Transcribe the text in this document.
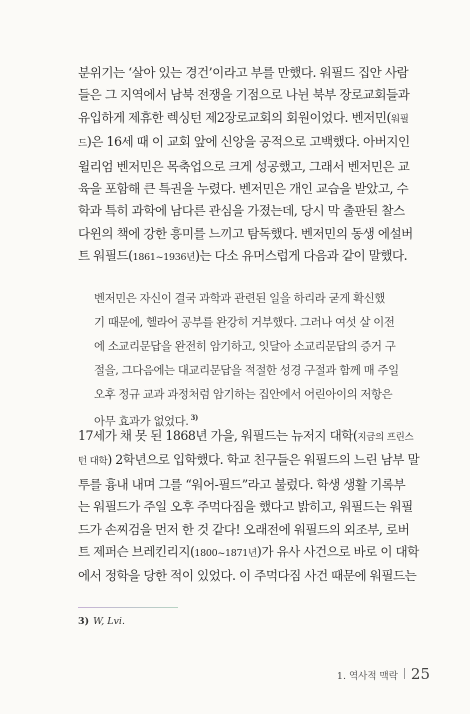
분위기는 ‘살아 있는 경건’이라고 부를 만했다. 워필드 집안 사람
들은 그 지역에서 남북 전쟁을 기점으로 나뉜 북부 장로교회들과
유입하게 제휴한 렉싱턴 제2장로교회의 회원이었다. 벤저민(워필
드)은 16세 때 이 교회 앞에 신앙을 공적으로 고백했다. 아버지인
윌리엄 벤저민은 목축업으로 크게 성공했고, 그래서 벤저민은 교
육을 포함해 큰 특권을 누렸다. 벤저민은 개인 교습을 받았고, 수
학과 특히 과학에 남다른 관심을 가졌는데, 당시 막 출판된 찰스
다윈의 책에 강한 흥미를 느끼고 탐독했다. 벤저민의 동생 에설버
트 워필드(1861~1936년)는 다소 유머스럽게 다음과 같이 말했다.
벤저민은 자신이 결국 과학과 관련된 일을 하리라 굳게 확신했
기 때문에, 헬라어 공부를 완강히 거부했다. 그러나 여섯 살 이전
에 소교리문답을 완전히 암기하고, 잇달아 소교리문답의 증거 구
절을, 그다음에는 대교리문답을 적절한 성경 구절과 함께 매 주일
오후 정규 교과 과정처럼 암기하는 집안에서 어린아이의 저항은
아무 효과가 없었다. $^{3)}$
17세가 채 못 된 1868년 가을, 워필드는 뉴저지 대학(지금의 프린스
턴 대학) 2학년으로 입학했다. 학교 친구들은 워필드의 느린 남부 말
투를 흉내 내며 그를 “워어-필드”라고 불렀다. 학생 생활 기록부
는 워필드가 주일 오후 주먹다짐을 했다고 밝히고, 워필드는 워필
드가 손찌검을 먼저 한 것 같다! 오래전에 워필드의 외조부, 로버
트 제퍼슨 브레킨리지(1800~1871년)가 유사 사건으로 바로 이 대학
에서 정학을 당한 적이 있었다. 이 주먹다짐 사건 때문에 워필드는
3) W, Lvi.
1. 역사적 맥락 25
